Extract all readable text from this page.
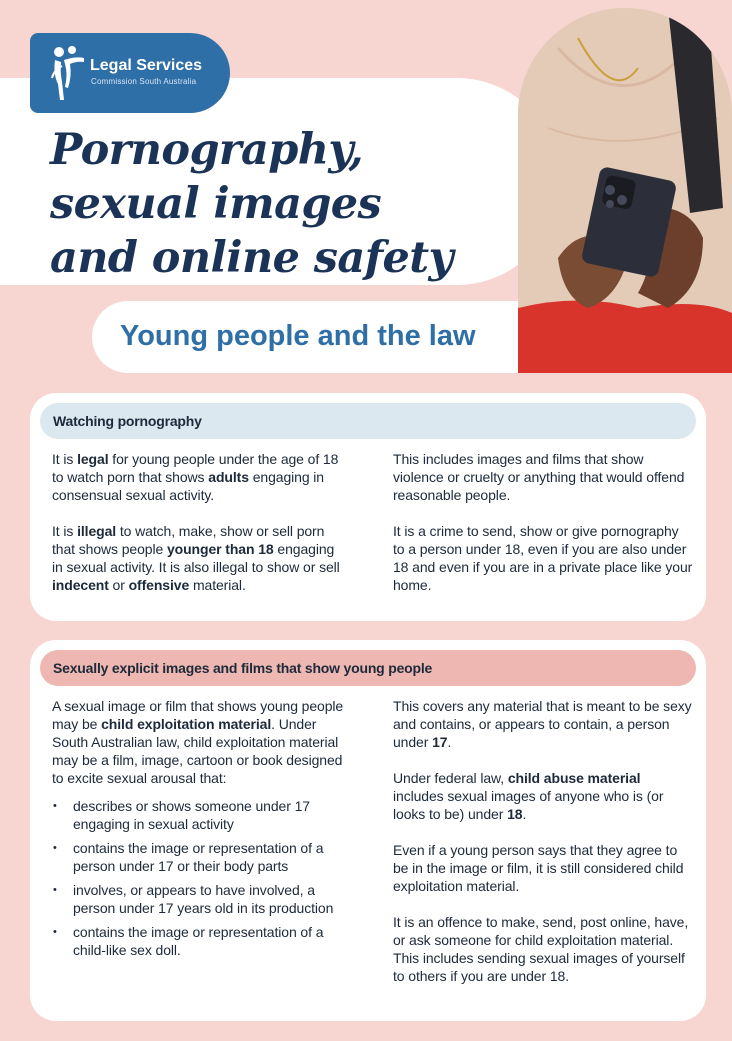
Legal Services
Commission South Australia
Pornography,
sexual images
and online safety
Young people and the law
Watching pornography

It is legal for young people under the age of 18 to watch porn that shows adults engaging in consensual sexual activity.

It is illegal to watch, make, show or sell porn that shows people younger than 18 engaging in sexual activity. It is also illegal to show or sell indecent or offensive material.

This includes images and films that show violence or cruelty or anything that would offend reasonable people.

It is a crime to send, show or give pornography to a person under 18, even if you are also under 18 and even if you are in a private place like your home.

Sexually explicit images and films that show young people

A sexual image or film that shows young people may be child exploitation material. Under South Australian law, child exploitation material may be a film, image, cartoon or book designed to excite sexual arousal that:

• describes or shows someone under 17 engaging in sexual activity
• contains the image or representation of a person under 17 or their body parts
• involves, or appears to have involved, a person under 17 years old in its production
• contains the image or representation of a child-like sex doll.

This covers any material that is meant to be sexy and contains, or appears to contain, a person under 17.

Under federal law, child abuse material includes sexual images of anyone who is (or looks to be) under 18.

Even if a young person says that they agree to be in the image or film, it is still considered child exploitation material.

It is an offence to make, send, post online, have, or ask someone for child exploitation material. This includes sending sexual images of yourself to others if you are under 18.
